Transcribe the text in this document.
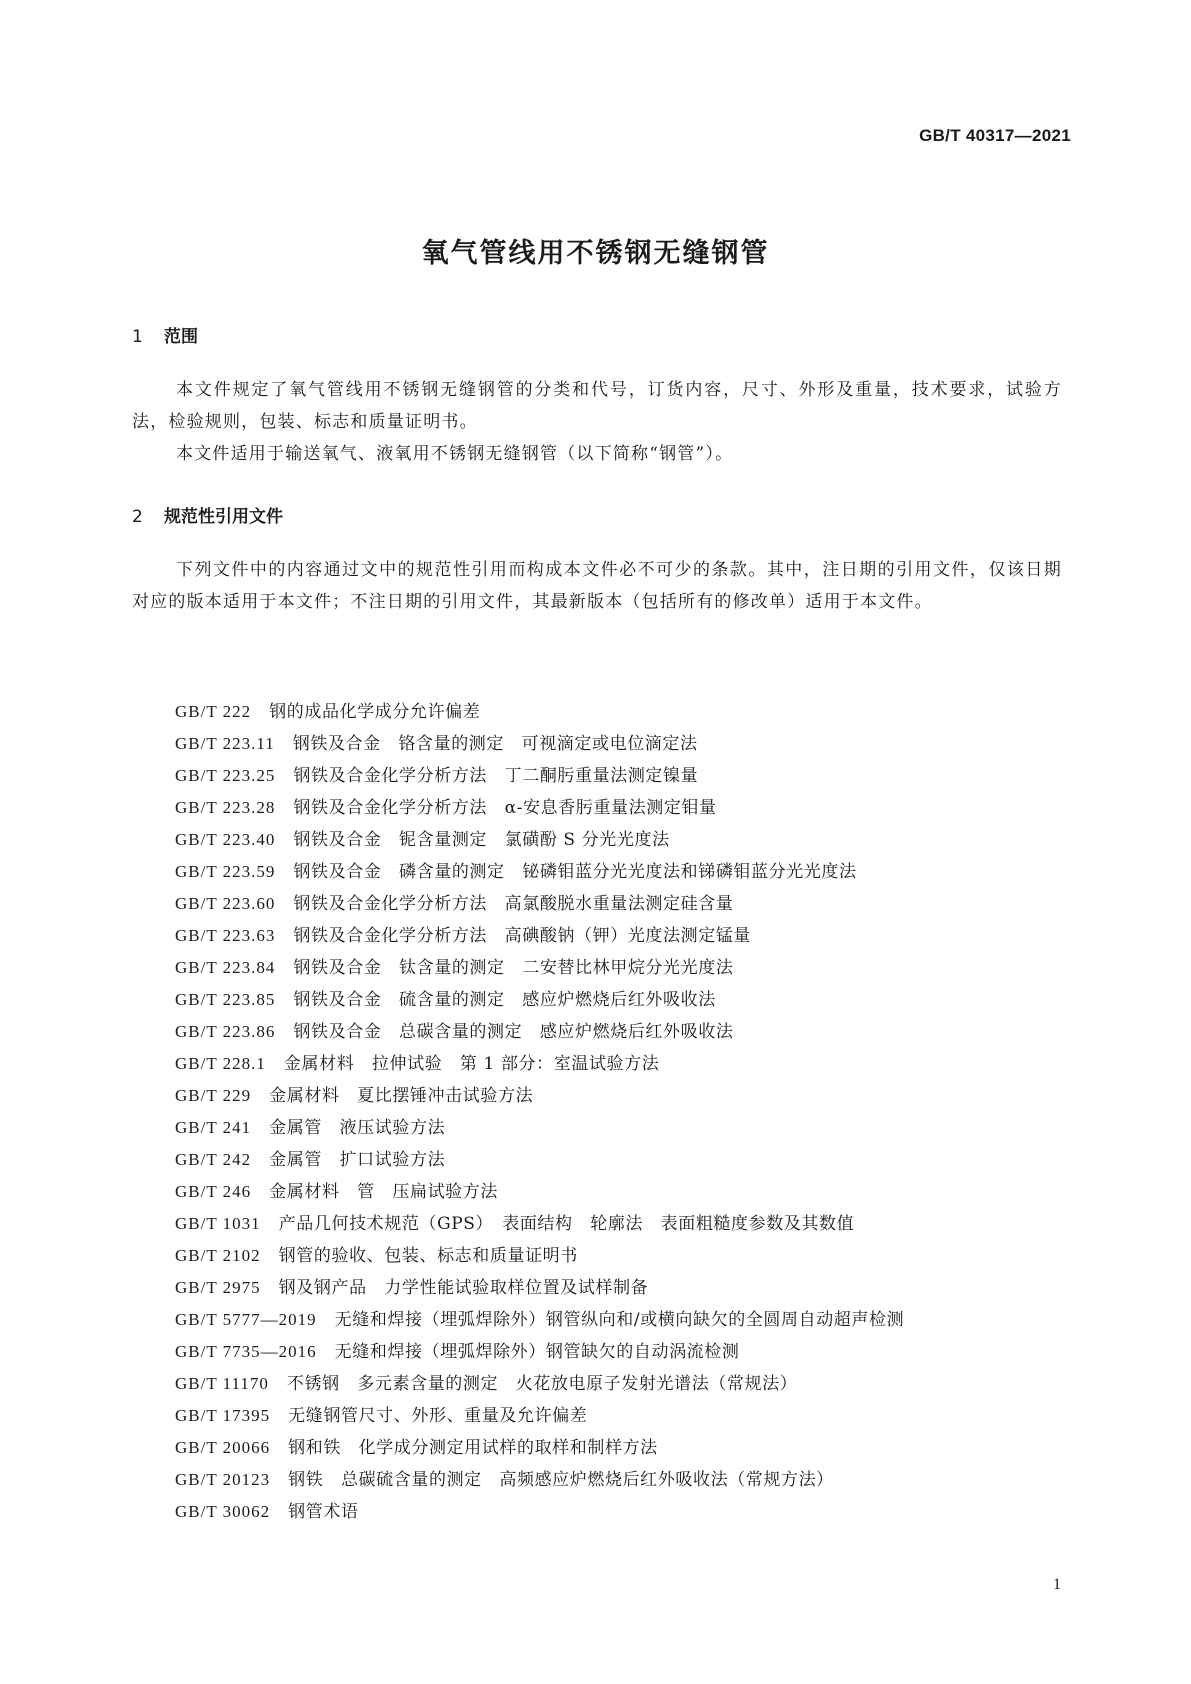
GB/T 40317—2021
氧气管线用不锈钢无缝钢管
1 范围
本文件规定了氧气管线用不锈钢无缝钢管的分类和代号，订货内容，尺寸、外形及重量，技术要求，试验方法，检验规则，包装、标志和质量证明书。
本文件适用于输送氧气、液氧用不锈钢无缝钢管（以下简称“钢管”）。
2 规范性引用文件
下列文件中的内容通过文中的规范性引用而构成本文件必不可少的条款。其中，注日期的引用文件，仅该日期对应的版本适用于本文件；不注日期的引用文件，其最新版本（包括所有的修改单）适用于本文件。
GB/T 222 钢的成品化学成分允许偏差
GB/T 223.11 钢铁及合金　铬含量的测定　可视滴定或电位滴定法
GB/T 223.25 钢铁及合金化学分析方法　丁二酮肟重量法测定镍量
GB/T 223.28 钢铁及合金化学分析方法　α-安息香肟重量法测定钼量
GB/T 223.40 钢铁及合金　铌含量测定　氯磺酚 S 分光光度法
GB/T 223.59 钢铁及合金　磷含量的测定　铋磷钼蓝分光光度法和锑磷钼蓝分光光度法
GB/T 223.60 钢铁及合金化学分析方法　高氯酸脱水重量法测定硅含量
GB/T 223.63 钢铁及合金化学分析方法　高碘酸钠（钾）光度法测定锰量
GB/T 223.84 钢铁及合金　钛含量的测定　二安替比林甲烷分光光度法
GB/T 223.85 钢铁及合金　硫含量的测定　感应炉燃烧后红外吸收法
GB/T 223.86 钢铁及合金　总碳含量的测定　感应炉燃烧后红外吸收法
GB/T 228.1 金属材料　拉伸试验　第 1 部分：室温试验方法
GB/T 229 金属材料　夏比摆锤冲击试验方法
GB/T 241 金属管　液压试验方法
GB/T 242 金属管　扩口试验方法
GB/T 246 金属材料　管　压扁试验方法
GB/T 1031 产品几何技术规范（GPS）　表面结构　轮廓法　表面粗糙度参数及其数值
GB/T 2102 钢管的验收、包装、标志和质量证明书
GB/T 2975 钢及钢产品　力学性能试验取样位置及试样制备
GB/T 5777—2019 无缝和焊接（埋弧焊除外）钢管纵向和/或横向缺欠的全圆周自动超声检测
GB/T 7735—2016 无缝和焊接（埋弧焊除外）钢管缺欠的自动涡流检测
GB/T 11170 不锈钢　多元素含量的测定　火花放电原子发射光谱法（常规法）
GB/T 17395 无缝钢管尺寸、外形、重量及允许偏差
GB/T 20066 钢和铁　化学成分测定用试样的取样和制样方法
GB/T 20123 钢铁　总碳硫含量的测定　高频感应炉燃烧后红外吸收法（常规方法）
GB/T 30062 钢管术语
1
